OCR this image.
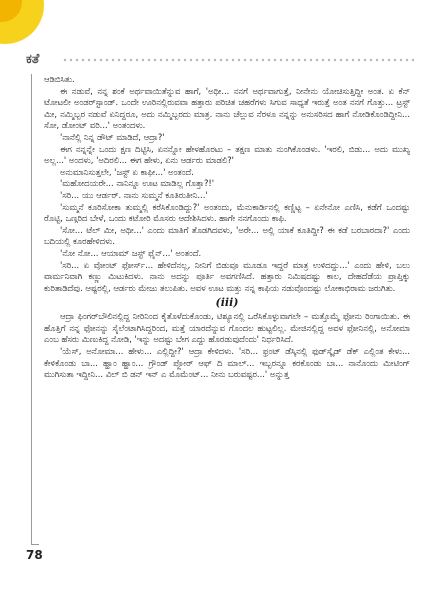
ಕತೆ
78

ಆಡಿಬಿಸಿತು.

ಈ ನಡುವೆ, ನನ್ನ ಶಂಕೆ ಅರ್ಥವಾಯಿತೆನ್ನುವ ಹಾಗೆ, 'ಅಥೀ... ನನಗೆ ಅರ್ಥವಾಗುತ್ತೆ, ನೀನೇನು ಯೋಚಿಸುತ್ತಿದ್ದೀ ಅಂತ. ಏ ಕೆನ್ ಟೋಟಲೀ ಅಂಡರ್‌ಸ್ಟಾಂಡ್. ಒಂದೇ ಊರಿನಲ್ಲಿರುವವಾ ಹತ್ತಾರು ಪರಿಚಿತ ಚಹರೆಗಳು ಸಿಗುವ ಸಾಧ್ಯತೆ ಇರುತ್ತೆ ಅಂತ ನನಗೆ ಗೊತ್ತು... ಟ್ರಸ್ಟ್ ಮೀ, ನಮ್ಮಿಬ್ಬರ ನಡುವೆ ಏನಿದ್ದರೂ, ಅದು ನಮ್ಮಿಬ್ಬರದು ಮಾತ್ರ. ನಾನು ಚೆಲ್ಲುವ ನೆರಳೂ ನನ್ನನ್ನು ಅನುಸರಿಸದ ಹಾಗೆ ನೋಡಿಕೊಂಡಿದ್ದೀನಿ... ಸೋ, ಡೋಂಟ್ ವರಿ...' ಅಂತಂದಳು.

'ನಾನೆಲ್ಲಿ ನಿನ್ನ ಡೌಟ್ ಮಾಡಿದೆ, ಆದ್ರಾ?'

ಈಗ ನನ್ನನ್ನೇ ಒಂದು ಕ್ಷಣ ದಿಟ್ಟಿಸಿ, ಏನನ್ನೋ ಹೇಳಹೊರಟು – ತಕ್ಷಣ ಮಾತು ನುಂಗಿಕೊಂಡಳು. 'ಇರಲಿ, ಬಿಡು... ಅದು ಮುಖ್ಯ ಅಲ್ಲ...' ಅಂದಳು, 'ಅದಿರಲಿ... ಈಗ ಹೇಳು, ಏನು ಆರ್ಡರು ಮಾಡಲಿ?'

ಅನುಮಾನಿಸುತ್ತಲೇ, 'ಜಸ್ಟ್ ಏ ಕಾಫೀ...' ಅಂತಂದೆ.

'ಮಹೋದಯರೇ... ನಾನಿನ್ನೂ ಊಟ ಮಾಡಿಲ್ಲ ಗೊತ್ತಾ?!'

'ಸರಿ... ಯು ಆರ್ಡರ್. ನಾನು ಸುಮ್ಮನೆ ಕೂತಿರುತೀನಿ...'

'ಸುಮ್ಮನೆ ಕೂರಿಸೋಕಾ ತುಮ್ಮಲ್ಲಿ ಕರೆಸಿಕೊಂಡಿದ್ದು?' ಅಂತಂದು, ಮೆನುಕಾರ್ಡಿನಲ್ಲಿ ಕಣ್ಣಿಟ್ಟ – ಏನೇನೋ ಎಣಿಸಿ, ಕಡೆಗೆ ಒಂದಷ್ಟು ರೊಟ್ಟಿ, ಒಣ್ಗರಿದ ಬೇಳೆ, ಒಂದು ಕಟೋರಿ ಮೊಸರು ಆದೇಶಿಸಿದಳು. ಹಾಗೇ ನನಗೊಂದು ಕಾಫಿ.

'ಸೋ... ಟೆಲ್ ಮೀ, ಅಥೀ...' ಎಂದು ಮಾತಿಗೆ ತೊಡಗಿದವಳು, 'ಅರೇ... ಅಲ್ಲಿ ಯಾಕೆ ಕೂತಿದ್ದೀ? ಈ ಕಡೆ ಬರಬಾರದಾ?' ಎಂದು ಬದಿಯಲ್ಲಿ ಕೂರಹೇಳಿದಳು.

'ನೋ ನೋ... ಆಯಾಮ್ ಜಸ್ಟ್ ಫೈನ್...' ಅಂತಂದೆ.

'ಸರಿ... ಏ ವೋಂಟ್ ಫೋರ್ಸ್... ಹೇಳಿದೆನಲ್ಲ, ನೀನಿಗೆ ಬಿಡುವೂ ಮೂಡೂ ಇದ್ದರೆ ಮಾತ್ರ ಉಳಿದದ್ದು...' ಎಂದು ಹೇಳಿ, ಬಲು ವಾರ್ಮನಿವಾಗಿ ಕಣ್ಣು ಮಿಟುಕಿದಳು. ನಾನು ಅದನ್ನು ಪೂರ್ತಿ ಅವಗಣಿಸಿದೆ. ಹತ್ತಾರು ನಿಮಿಷದಷ್ಟು ಕಾಲ, ದೇಹದೆಡೆಯ ಪ್ರಾಪ್ತಿಕ್ಕು ಕುರಿತಾಡಿದೆವು. ಆಷ್ಟರಲ್ಲಿ, ಆರ್ಡರು ಮೇಜು ತಲುಪಿತು. ಅವಳ ಊಟ ಮತ್ತು ನನ್ನ ಕಾಫಿಯ ನಡುವೊಂದಷ್ಟು ಲೋಕಾಭಿರಾಮ ಜರುಗಿತು.

(iii)

ಆದ್ರಾ ಫಿಂಗರ್‌ಬೌಲಿನಲ್ಲಿದ್ದ ನೀರಿನಿಂದ ಕೈತೊಳೆದುಕೊಂಡು, ಟಿಶ್ಯೂನಲ್ಲಿ ಒರೆಸಿಕೊಳ್ಳುವಾಗಲೇ – ಮತ್ತೊಮ್ಮೆ ಫೋನು ರಿಂಗಾಯಿತು. ಈ ಹೊತ್ತಿಗೆ ನನ್ನ ಫೋನನ್ನು ಸೈಲೆಂಟಾಗಿಸಿದ್ದರಿಂದ, ಮತ್ತೆ ಯಾರದೆನ್ನುವ ಗೊಂದಲ ಹುಟ್ಟಲಿಲ್ಲ. ಮೇಜಿನಲ್ಲಿದ್ದ ಅವಳ ಫೋನಿನಲ್ಲಿ, ಅನೋಮಾ ಎಂಬ ಹೆಸರು ಮಿಣುಕಿದ್ದ ನೋಡಿ, 'ಇನ್ನು ಅದಷ್ಟು ಬೇಗ ಎದ್ದು ಹೊರಡುವುದೆಂದು' ನಿರ್ಧರಿಸಿದೆ.

'ಯೆಸ್, ಅನೋಮಾ... ಹೇಳು... ಎಲ್ಲಿದ್ದೀ?' ಆದ್ರಾ ಕೇಳಿದಳು. 'ಸರಿ... ಫ್ರಂಟ್ ಡೆಸ್ಕಿನಲ್ಲಿ ಫುಡ್‌ಸ್ಕೈಡ್ ಡೆಕ್ ಎಲ್ಲಿಂತ ಕೇಳು... ಕೇಳಿಕೊಂಡು ಬಾ... ಹ್ಹಾಂ ಹ್ಹಾಂ... ಗ್ರೌಂಡ್ ಪ್ಲೋರ್ ಆಫ್ ದಿ ಮಾಲ್... ಇಬ್ಬರನ್ನೂ ಕರಕೊಂಡು ಬಾ... ನಾನೊಂದು ಮೀಟಿಂಗ್ ಮುಗಿಸುತಾ ಇದ್ದೀನಿ... ವಿಲ್ ಬಿ ಡನ್ ಇನ್ ಎ ಮೊಮೆಂಟ್... ನೀನು ಬರುವಷ್ಟರ...' ಅನ್ನುತ್ತ
